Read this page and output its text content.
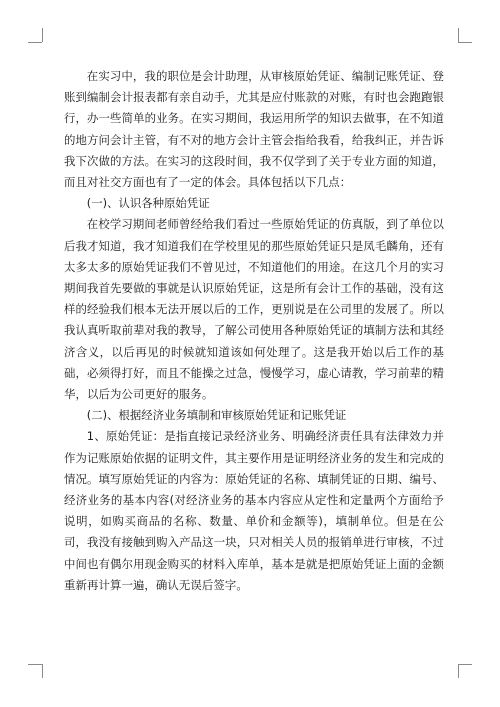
在实习中，我的职位是会计助理，从审核原始凭证、编制记账凭证、登账到编制会计报表都有亲自动手，尤其是应付账款的对账，有时也会跑跑银行，办一些简单的业务。在实习期间，我运用所学的知识去做事，在不知道的地方问会计主管，有不对的地方会计主管会指给我看，给我纠正，并告诉我下次做的方法。在实习的这段时间，我不仅学到了关于专业方面的知道，而且对社交方面也有了一定的体会。具体包括以下几点：

(一)、认识各种原始凭证

在校学习期间老师曾经给我们看过一些原始凭证的仿真版，到了单位以后我才知道，我才知道我们在学校里见的那些原始凭证只是凤毛麟角，还有太多太多的原始凭证我们不曾见过，不知道他们的用途。在这几个月的实习期间我首先要做的事就是认识原始凭证，这是所有会计工作的基础，没有这样的经验我们根本无法开展以后的工作，更别说是在公司里的发展了。所以我认真听取前辈对我的教导，了解公司使用各种原始凭证的填制方法和其经济含义，以后再见的时候就知道该如何处理了。这是我开始以后工作的基础，必须得打好，而且不能操之过急，慢慢学习，虚心请教，学习前辈的精华，以后为公司更好的服务。

(二)、根据经济业务填制和审核原始凭证和记账凭证

1、原始凭证：是指直接记录经济业务、明确经济责任具有法律效力并作为记账原始依据的证明文件，其主要作用是证明经济业务的发生和完成的情况。填写原始凭证的内容为：原始凭证的名称、填制凭证的日期、编号、经济业务的基本内容(对经济业务的基本内容应从定性和定量两个方面给予说明，如购买商品的名称、数量、单价和金额等)，填制单位。但是在公司，我没有接触到购入产品这一块，只对相关人员的报销单进行审核，不过中间也有偶尔用现金购买的材料入库单，基本是就是把原始凭证上面的金额重新再计算一遍，确认无误后签字。
